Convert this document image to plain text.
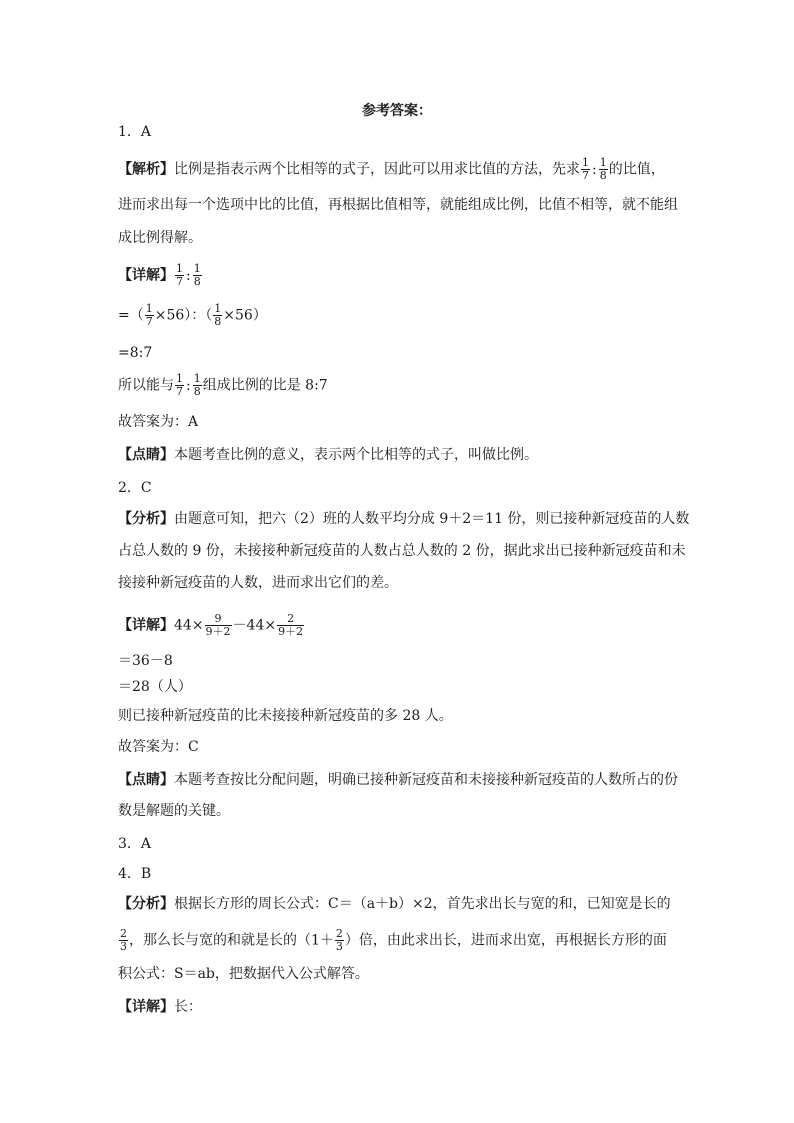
参考答案：
1．A
【解析】比例是指表示两个比相等的式子，因此可以用求比值的方法，先求 $\frac{1}{7}$ : $\frac{1}{8}$ 的比值，
进而求出每一个选项中比的比值，再根据比值相等，就能组成比例，比值不相等，就不能组
成比例得解。
【详解】 $\frac{1}{7}$ : $\frac{1}{8}$
=（ $\frac{1}{7} \times 56$）：（ $\frac{1}{8} \times 56$）
=8:7
所以能与 $\frac{1}{7}$ : $\frac{1}{8}$ 组成比例的比是 8:7
故答案为：A
【点睛】本题考查比例的意义，表示两个比相等的式子，叫做比例。
2．C
【分析】由题意可知，把六（2）班的人数平均分成 9＋2＝11 份，则已接种新冠疫苗的人数
占总人数的 9 份，未接接种新冠疫苗的人数占总人数的 2 份，据此求出已接种新冠疫苗和未
接接种新冠疫苗的人数，进而求出它们的差。
【详解】$44\times \frac{9}{9+2} -44\times \frac{2}{9+2}$
＝36－8
＝28（人）
则已接种新冠疫苗的比未接接种新冠疫苗的多 28 人。
故答案为：C
【点睛】本题考查按比分配问题，明确已接种新冠疫苗和未接接种新冠疫苗的人数所占的份
数是解题的关键。
3．A
4．B
【分析】根据长方形的周长公式：C＝（a＋b）×2，首先求出长与宽的和，已知宽是长的
$\frac{2}{3}$ ，那么长与宽的和就是长的（$1+ \frac{2}{3}$ ）倍，由此求出长，进而求出宽，再根据长方形的面
积公式：S＝ab，把数据代入公式解答。
【详解】长：
